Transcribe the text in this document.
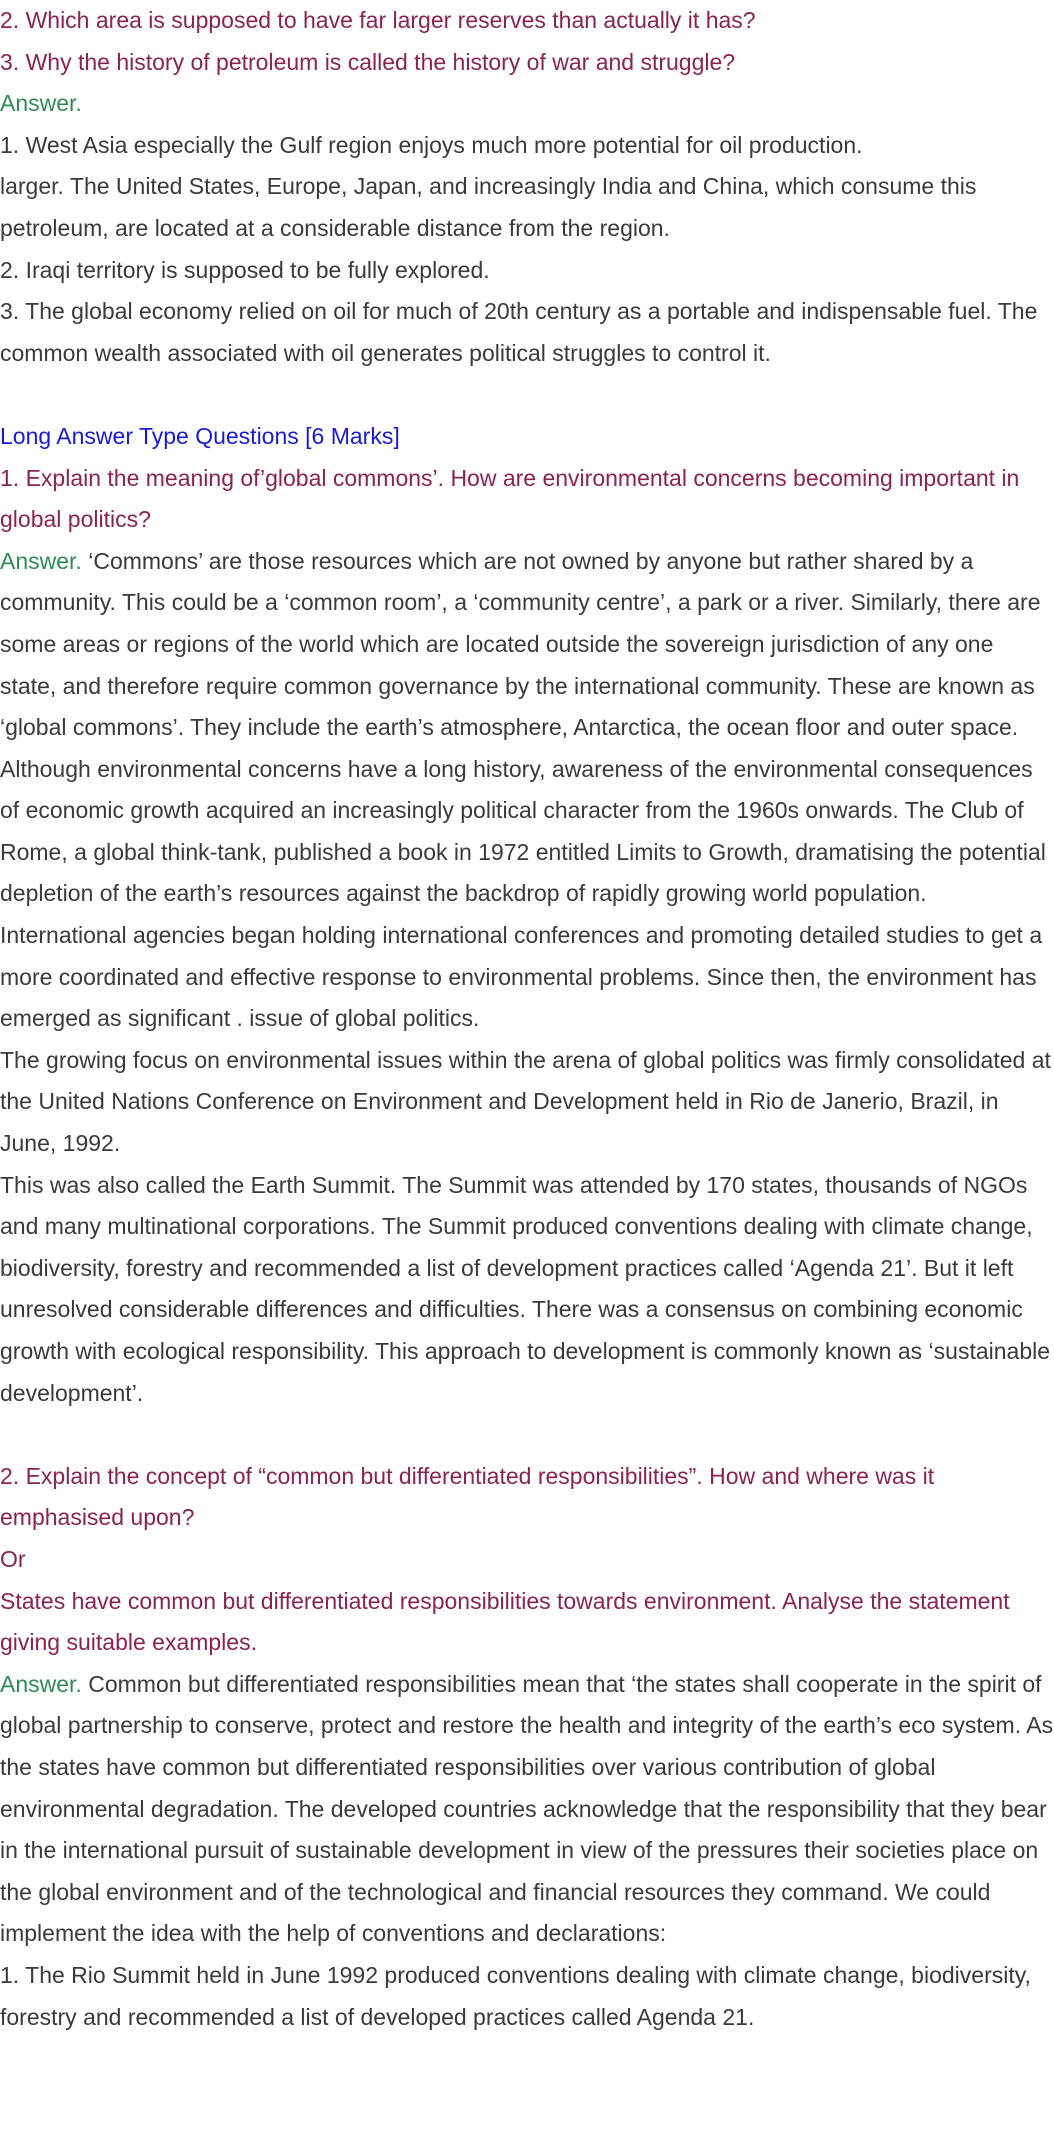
2. Which area is supposed to have far larger reserves than actually it has?

3. Why the history of petroleum is called the history of war and struggle?

Answer.

1. West Asia especially the Gulf region enjoys much more potential for oil production.

larger. The United States, Europe, Japan, and increasingly India and China, which consume this petroleum, are located at a considerable distance from the region.

2. Iraqi territory is supposed to be fully explored.

3. The global economy relied on oil for much of 20th century as a portable and indispensable fuel. The common wealth associated with oil generates political struggles to control it.

Long Answer Type Questions [6 Marks]

1. Explain the meaning of’global commons’. How are environmental concerns becoming important in global politics?

Answer. ‘Commons’ are those resources which are not owned by anyone but rather shared by a community. This could be a ‘common room’, a ‘community centre’, a park or a river. Similarly, there are some areas or regions of the world which are located outside the sovereign jurisdiction of any one state, and therefore require common governance by the international community. These are known as ‘global commons’. They include the earth’s atmosphere, Antarctica, the ocean floor and outer space.

Although environmental concerns have a long history, awareness of the environmental consequences of economic growth acquired an increasingly political character from the 1960s onwards. The Club of Rome, a global think-tank, published a book in 1972 entitled Limits to Growth, dramatising the potential depletion of the earth’s resources against the backdrop of rapidly growing world population. International agencies began holding international conferences and promoting detailed studies to get a more coordinated and effective response to environmental problems. Since then, the environment has emerged as significant . issue of global politics.

The growing focus on environmental issues within the arena of global politics was firmly consolidated at the United Nations Conference on Environment and Development held in Rio de Janerio, Brazil, in June, 1992.

This was also called the Earth Summit. The Summit was attended by 170 states, thousands of NGOs and many multinational corporations. The Summit produced conventions dealing with climate change, biodiversity, forestry and recommended a list of development practices called ‘Agenda 21’. But it left unresolved considerable differences and difficulties. There was a consensus on combining economic growth with ecological responsibility. This approach to development is commonly known as ‘sustainable development’.

2. Explain the concept of “common but differentiated responsibilities”. How and where was it emphasised upon?

Or

States have common but differentiated responsibilities towards environment. Analyse the statement giving suitable examples.

Answer. Common but differentiated responsibilities mean that ‘the states shall cooperate in the spirit of global partnership to conserve, protect and restore the health and integrity of the earth’s eco system. As the states have common but differentiated responsibilities over various contribution of global environmental degradation. The developed countries acknowledge that the responsibility that they bear in the international pursuit of sustainable development in view of the pressures their societies place on the global environment and of the technological and financial resources they command. We could implement the idea with the help of conventions and declarations:

1. The Rio Summit held in June 1992 produced conventions dealing with climate change, biodiversity, forestry and recommended a list of developed practices called Agenda 21.
